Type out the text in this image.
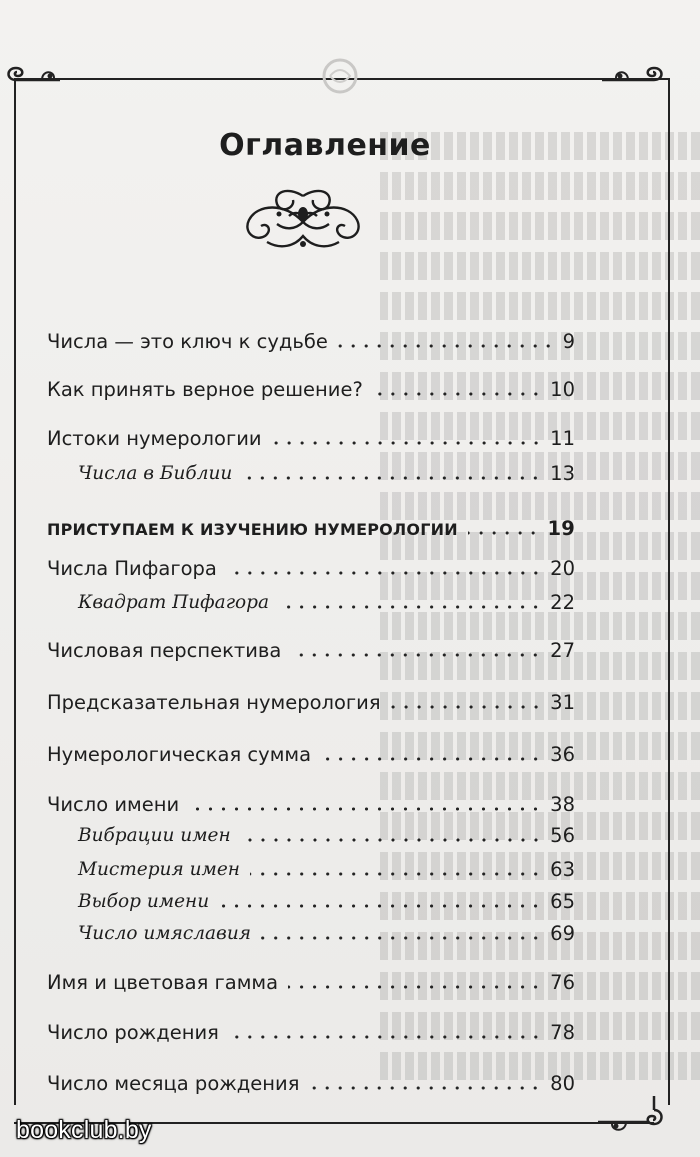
Оглавление
Числа — это ключ к судьбе	9
Как принять верное решение?	10
Истоки нумерологии	11
Числа в Библии	13
ПРИСТУПАЕМ К ИЗУЧЕНИЮ НУМЕРОЛОГИИ	19
Числа Пифагора	20
Квадрат Пифагора	22
Числовая перспектива	27
Предсказательная нумерология	31
Нумерологическая сумма	36
Число имени	38
Вибрации имен	56
Мистерия имен	63
Выбор имени	65
Число имяславия	69
Имя и цветовая гамма	76
Число рождения	78
Число месяца рождения	80
bookclub.by
